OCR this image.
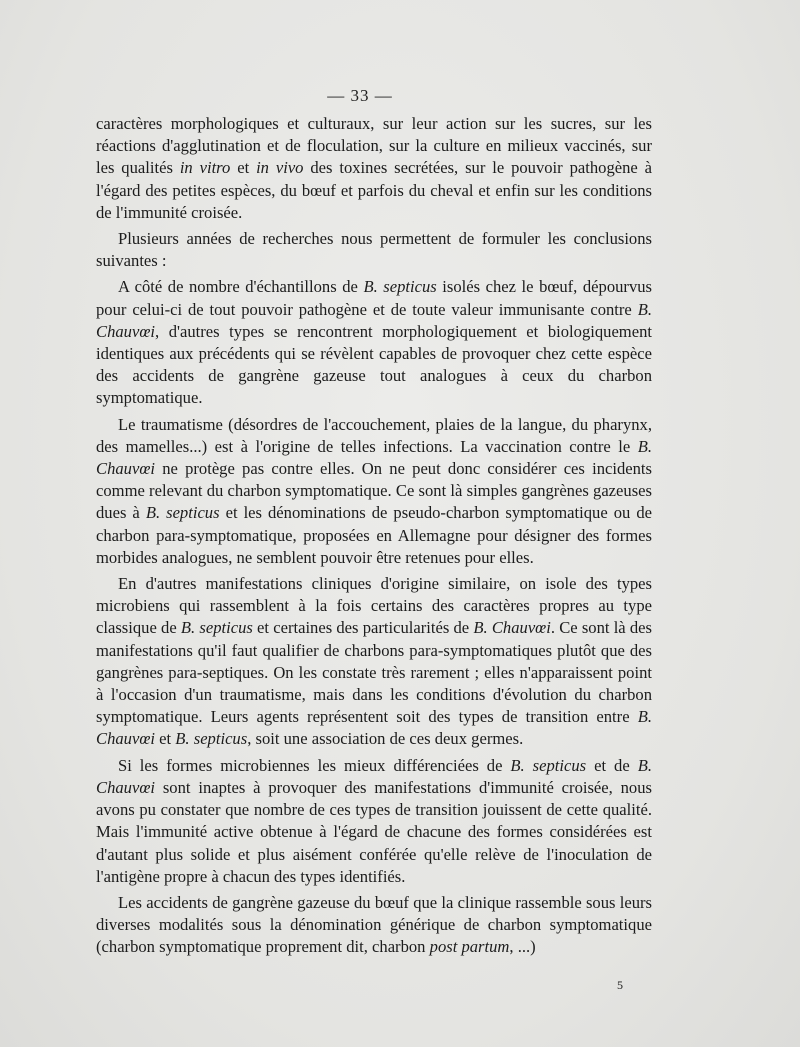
— 33 —

caractères morphologiques et culturaux, sur leur action sur les sucres, sur les réactions d'agglutination et de floculation, sur la culture en milieux vaccinés, sur les qualités in vitro et in vivo des toxines secrétées, sur le pouvoir pathogène à l'égard des petites espèces, du bœuf et parfois du cheval et enfin sur les conditions de l'immunité croisée.

Plusieurs années de recherches nous permettent de formuler les conclusions suivantes :

A côté de nombre d'échantillons de B. septicus isolés chez le bœuf, dépourvus pour celui-ci de tout pouvoir pathogène et de toute valeur immunisante contre B. Chauvœi, d'autres types se rencontrent morphologiquement et biologiquement identiques aux précédents qui se révèlent capables de provoquer chez cette espèce des accidents de gangrène gazeuse tout analogues à ceux du charbon symptomatique.

Le traumatisme (désordres de l'accouchement, plaies de la langue, du pharynx, des mamelles...) est à l'origine de telles infections. La vaccination contre le B. Chauvœi ne protège pas contre elles. On ne peut donc considérer ces incidents comme relevant du charbon symptomatique. Ce sont là simples gangrènes gazeuses dues à B. septicus et les dénominations de pseudo-charbon symptomatique ou de charbon para-symptomatique, proposées en Allemagne pour désigner des formes morbides analogues, ne semblent pouvoir être retenues pour elles.

En d'autres manifestations cliniques d'origine similaire, on isole des types microbiens qui rassemblent à la fois certains des caractères propres au type classique de B. septicus et certaines des particularités de B. Chauvœi. Ce sont là des manifestations qu'il faut qualifier de charbons para-symptomatiques plutôt que des gangrènes para-septiques. On les constate très rarement ; elles n'apparaissent point à l'occasion d'un traumatisme, mais dans les conditions d'évolution du charbon symptomatique. Leurs agents représentent soit des types de transition entre B. Chauvœi et B. septicus, soit une association de ces deux germes.

Si les formes microbiennes les mieux différenciées de B. septicus et de B. Chauvœi sont inaptes à provoquer des manifestations d'immunité croisée, nous avons pu constater que nombre de ces types de transition jouissent de cette qualité. Mais l'immunité active obtenue à l'égard de chacune des formes considérées est d'autant plus solide et plus aisément conférée qu'elle relève de l'inoculation de l'antigène propre à chacun des types identifiés.

Les accidents de gangrène gazeuse du bœuf que la clinique rassemble sous leurs diverses modalités sous la dénomination générique de charbon symptomatique (charbon symptomatique proprement dit, charbon post partum, ...)

5
